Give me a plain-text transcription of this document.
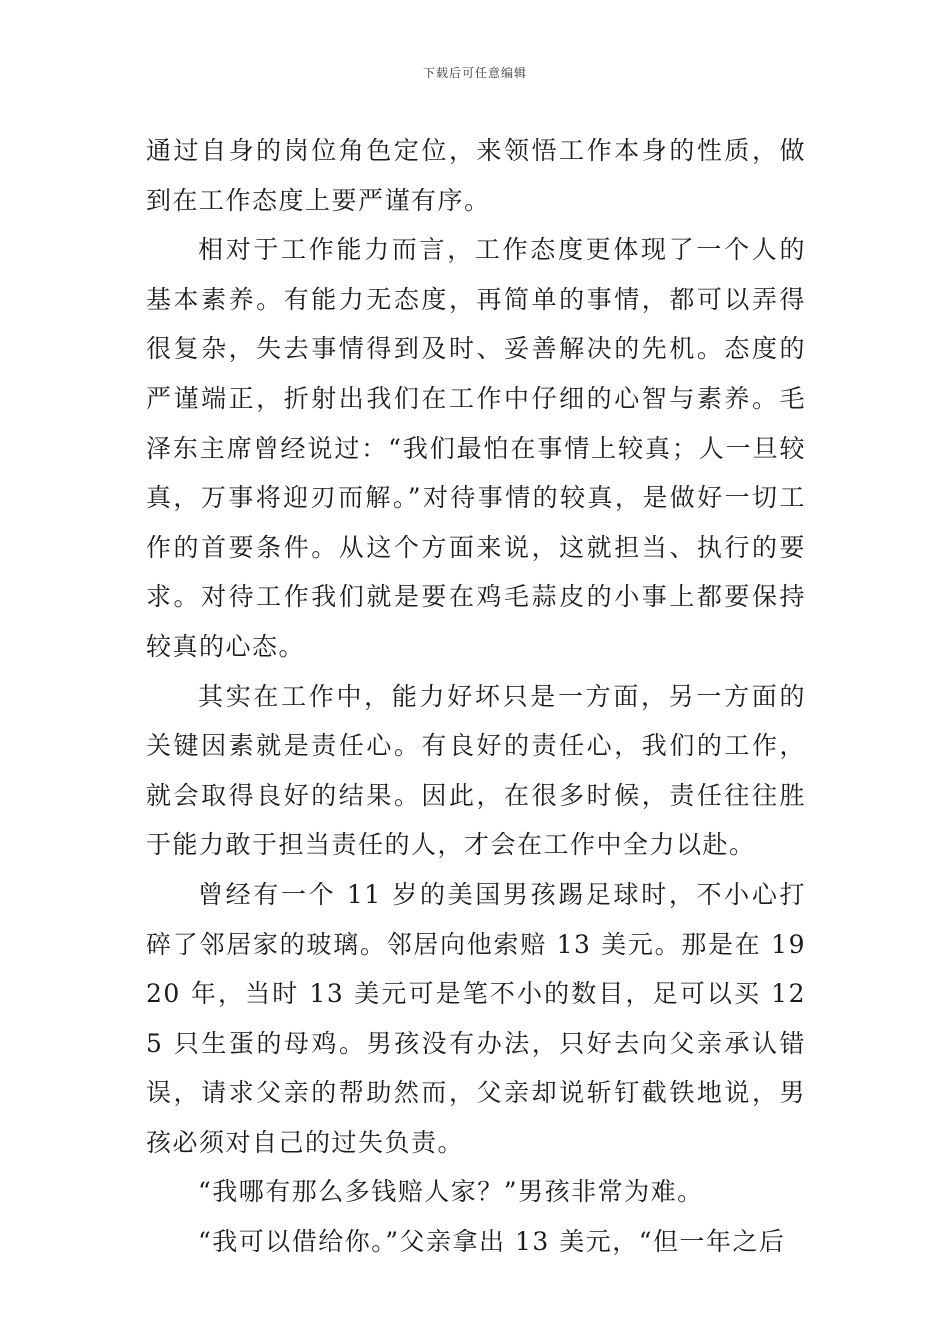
下载后可任意编辑

通过自身的岗位角色定位，来领悟工作本身的性质，做到在工作态度上要严谨有序。

相对于工作能力而言，工作态度更体现了一个人的基本素养。有能力无态度，再简单的事情，都可以弄得很复杂，失去事情得到及时、妥善解决的先机。态度的严谨端正，折射出我们在工作中仔细的心智与素养。毛泽东主席曾经说过：“我们最怕在事情上较真；人一旦较真，万事将迎刃而解。”对待事情的较真，是做好一切工作的首要条件。从这个方面来说，这就担当、执行的要求。对待工作我们就是要在鸡毛蒜皮的小事上都要保持较真的心态。

其实在工作中，能力好坏只是一方面，另一方面的关键因素就是责任心。有良好的责任心，我们的工作，就会取得良好的结果。因此，在很多时候，责任往往胜于能力敢于担当责任的人，才会在工作中全力以赴。

曾经有一个 11 岁的美国男孩踢足球时，不小心打碎了邻居家的玻璃。邻居向他索赔 13 美元。那是在 1920 年，当时 13 美元可是笔不小的数目，足可以买 125 只生蛋的母鸡。男孩没有办法，只好去向父亲承认错误，请求父亲的帮助然而，父亲却说斩钉截铁地说，男孩必须对自己的过失负责。

“我哪有那么多钱赔人家？”男孩非常为难。

“我可以借给你。”父亲拿出 13 美元，“但一年之后
